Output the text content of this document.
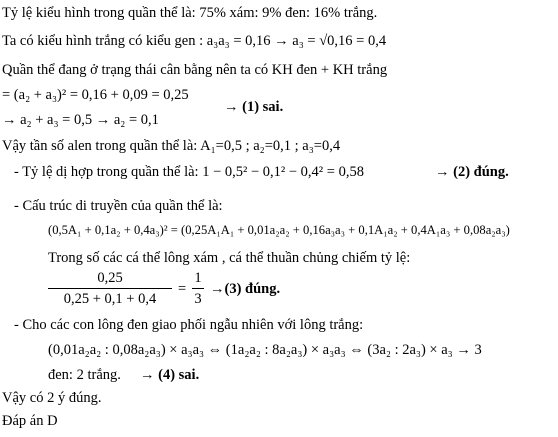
Tỷ lệ kiểu hình trong quần thể là: 75% xám: 9% đen: 16% trắng.
Ta có kiểu hình trắng có kiểu gen : a₃a₃ = 0,16 → a₃ = √0,16 = 0,4
Quần thể đang ở trạng thái cân bằng nên ta có KH đen + KH trắng
= (a₂ + a₃)² = 0,16 + 0,09 = 0,25
→ a₂ + a₃ = 0,5 → a₂ = 0,1
→ (1) sai.
Vậy tần số alen trong quần thể là: A₁=0,5 ; a₂=0,1 ; a₃=0,4
- Tỷ lệ dị hợp trong quần thể là: 1 − 0,5² − 0,1² − 0,4² = 0,58	→ (2) đúng.
- Cấu trúc di truyền của quần thể là:
(0,5A₁ + 0,1a₂ + 0,4a₃)² = (0,25A₁A₁ + 0,01a₂a₂ + 0,16a₃a₃ + 0,1A₁a₂ + 0,4A₁a₃ + 0,08a₂a₃)
Trong số các cá thể lông xám , cá thể thuần chủng chiếm tỷ lệ:
0,25
0,25 + 0,1 + 0,4
=
1
3
→(3) đúng.
- Cho các con lông đen giao phối ngẫu nhiên với lông trắng:
(0,01a₂a₂ : 0,08a₂a₃) × a₃a₃ ⇔ (1a₂a₂ : 8a₂a₃) × a₃a₃ ⇔ (3a₂ : 2a₃) × a₃ → 3
đen: 2 trắng. → (4) sai.
Vậy có 2 ý đúng.
Đáp án D
